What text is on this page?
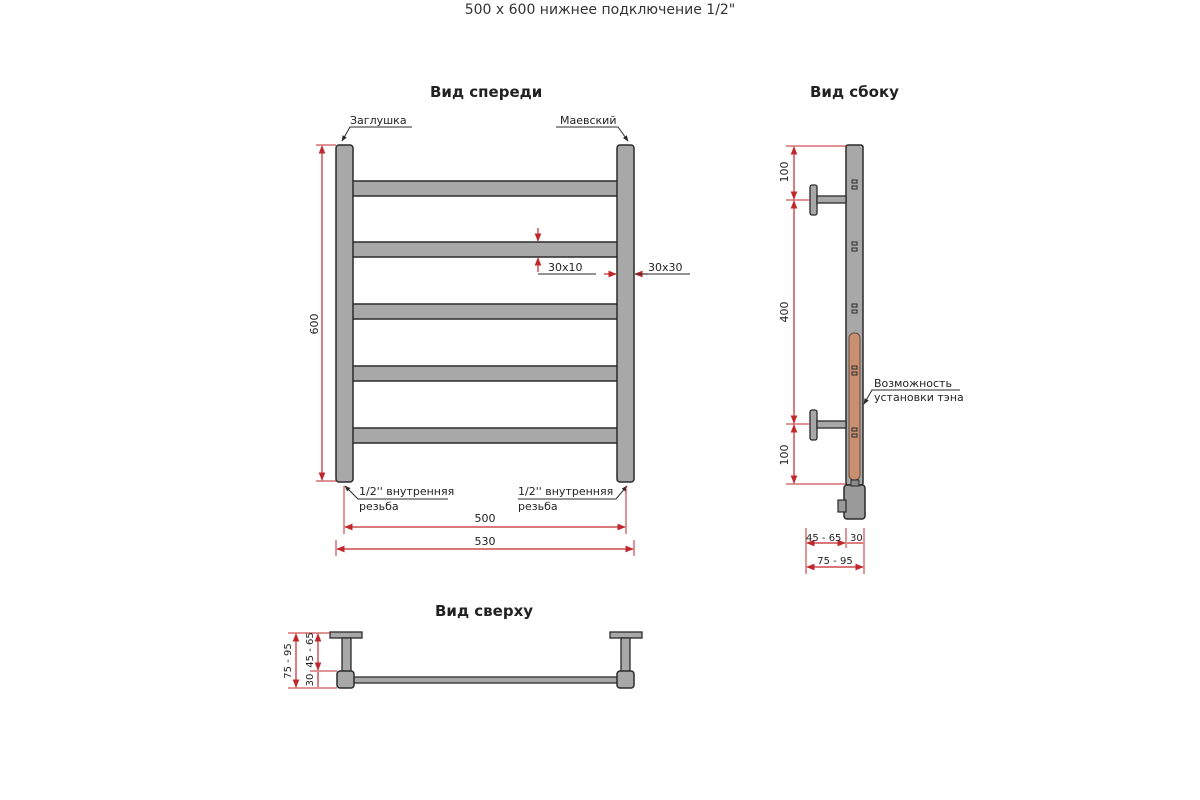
500 x 600 нижнее подключение 1/2"
Вид спереди	Вид сбоку
Вид сверху
Заглушка	Маевский
1/2'' внутренняя
резьба
1/2'' внутренняя
резьба
30x10	30x30
600
500
530
100
400
100
Возможность
установки тэна
45 - 65 30
75 - 95
75 - 95
30
45 - 65
